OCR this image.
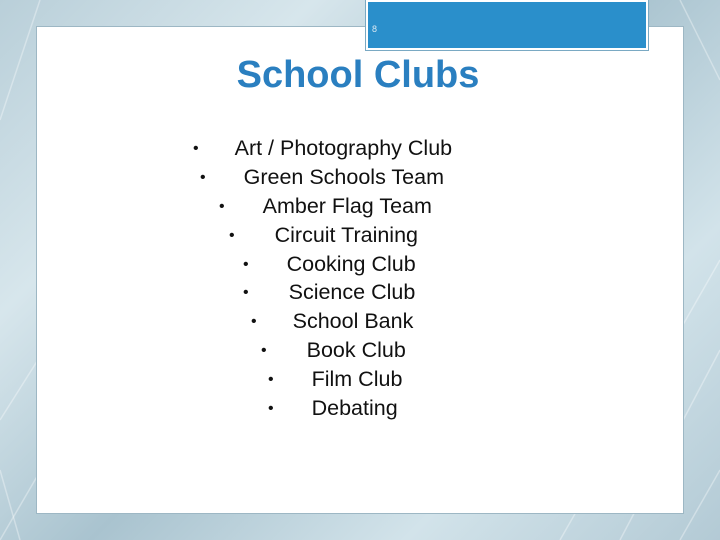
8
School Clubs
• Art / Photography Club
• Green Schools Team
• Amber Flag Team
• Circuit Training
• Cooking Club
• Science Club
• School Bank
• Book Club
• Film Club
• Debating
